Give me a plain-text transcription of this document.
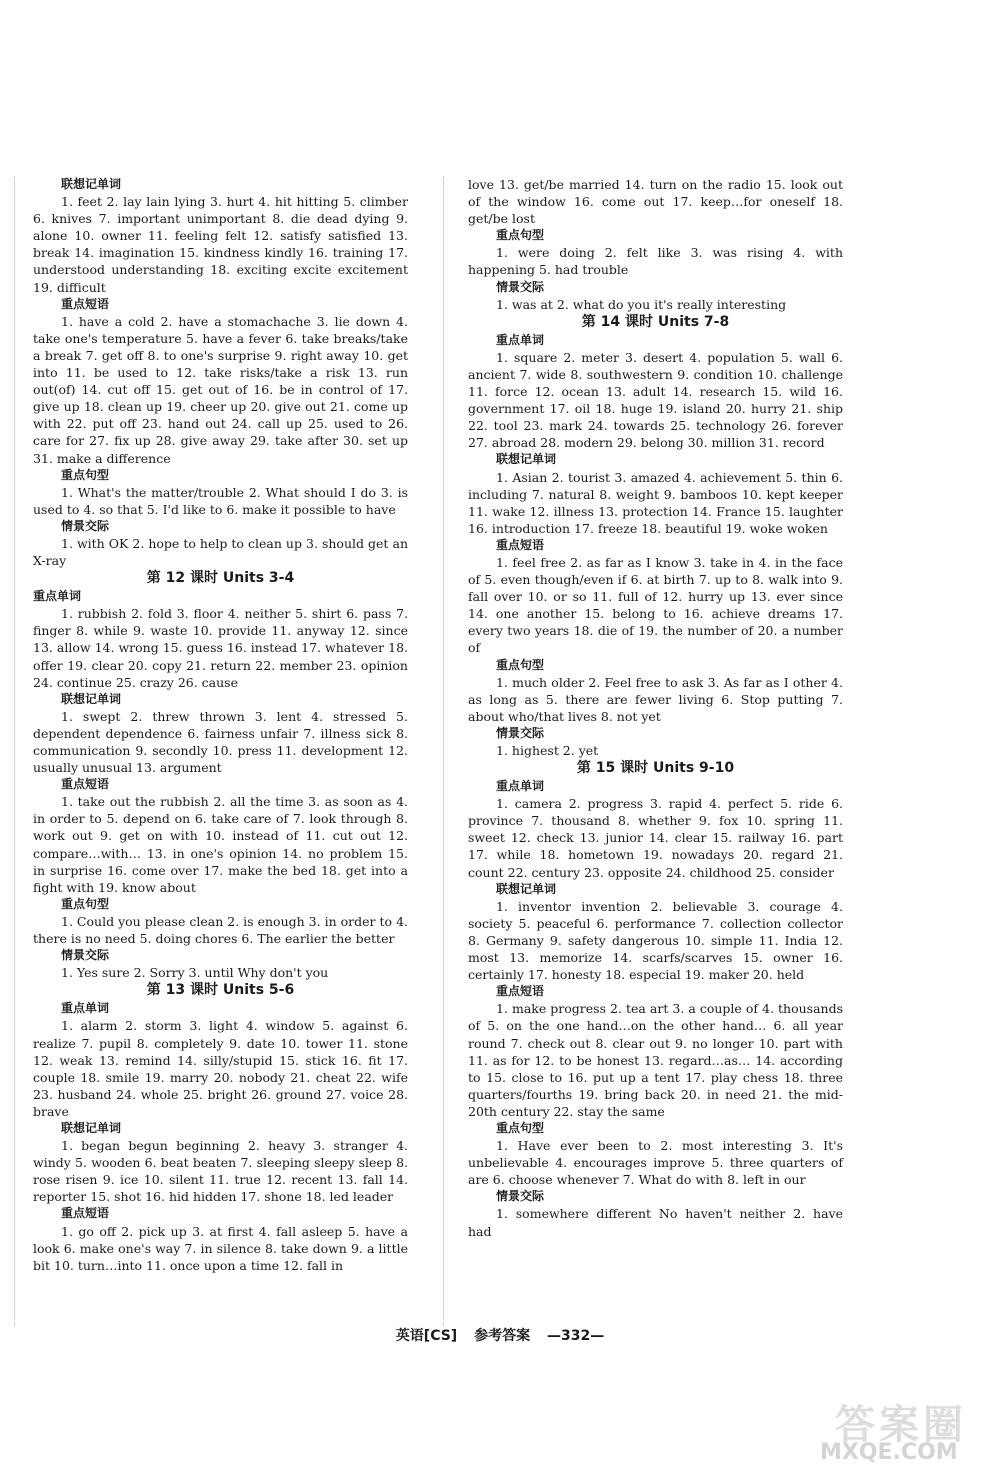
联想记单词
1. feet 2. lay lain lying 3. hurt 4. hit hitting 5. climber 6. knives 7. important unimportant 8. die dead dying 9. alone 10. owner 11. feeling felt 12. satisfy satisfied 13. break 14. imagination 15. kindness kindly 16. training 17. understood understanding 18. exciting excite excitement 19. difficult
重点短语
1. have a cold 2. have a stomachache 3. lie down 4. take one's temperature 5. have a fever 6. take breaks/take a break 7. get off 8. to one's surprise 9. right away 10. get into 11. be used to 12. take risks/take a risk 13. run out(of) 14. cut off 15. get out of 16. be in control of 17. give up 18. clean up 19. cheer up 20. give out 21. come up with 22. put off 23. hand out 24. call up 25. used to 26. care for 27. fix up 28. give away 29. take after 30. set up 31. make a difference
重点句型
1. What's the matter/trouble 2. What should I do 3. is used to 4. so that 5. I'd like to 6. make it possible to have
情景交际
1. with OK 2. hope to help to clean up 3. should get an X-ray
第 12 课时 Units 3-4
重点单词
1. rubbish 2. fold 3. floor 4. neither 5. shirt 6. pass 7. finger 8. while 9. waste 10. provide 11. anyway 12. since 13. allow 14. wrong 15. guess 16. instead 17. whatever 18. offer 19. clear 20. copy 21. return 22. member 23. opinion 24. continue 25. crazy 26. cause
联想记单词
1. swept 2. threw thrown 3. lent 4. stressed 5. dependent dependence 6. fairness unfair 7. illness sick 8. communication 9. secondly 10. press 11. development 12. usually unusual 13. argument
重点短语
1. take out the rubbish 2. all the time 3. as soon as 4. in order to 5. depend on 6. take care of 7. look through 8. work out 9. get on with 10. instead of 11. cut out 12. compare…with… 13. in one's opinion 14. no problem 15. in surprise 16. come over 17. make the bed 18. get into a fight with 19. know about
重点句型
1. Could you please clean 2. is enough 3. in order to 4. there is no need 5. doing chores 6. The earlier the better
情景交际
1. Yes sure 2. Sorry 3. until Why don't you
第 13 课时 Units 5-6
重点单词
1. alarm 2. storm 3. light 4. window 5. against 6. realize 7. pupil 8. completely 9. date 10. tower 11. stone 12. weak 13. remind 14. silly/stupid 15. stick 16. fit 17. couple 18. smile 19. marry 20. nobody 21. cheat 22. wife 23. husband 24. whole 25. bright 26. ground 27. voice 28. brave
联想记单词
1. began begun beginning 2. heavy 3. stranger 4. windy 5. wooden 6. beat beaten 7. sleeping sleepy sleep 8. rose risen 9. ice 10. silent 11. true 12. recent 13. fall 14. reporter 15. shot 16. hid hidden 17. shone 18. led leader
重点短语
1. go off 2. pick up 3. at first 4. fall asleep 5. have a look 6. make one's way 7. in silence 8. take down 9. a little bit 10. turn…into 11. once upon a time 12. fall in
love 13. get/be married 14. turn on the radio 15. look out of the window 16. come out 17. keep…for oneself 18. get/be lost
重点句型
1. were doing 2. felt like 3. was rising 4. with happening 5. had trouble
情景交际
1. was at 2. what do you it's really interesting
第 14 课时 Units 7-8
重点单词
1. square 2. meter 3. desert 4. population 5. wall 6. ancient 7. wide 8. southwestern 9. condition 10. challenge 11. force 12. ocean 13. adult 14. research 15. wild 16. government 17. oil 18. huge 19. island 20. hurry 21. ship 22. tool 23. mark 24. towards 25. technology 26. forever 27. abroad 28. modern 29. belong 30. million 31. record
联想记单词
1. Asian 2. tourist 3. amazed 4. achievement 5. thin 6. including 7. natural 8. weight 9. bamboos 10. kept keeper 11. wake 12. illness 13. protection 14. France 15. laughter 16. introduction 17. freeze 18. beautiful 19. woke woken
重点短语
1. feel free 2. as far as I know 3. take in 4. in the face of 5. even though/even if 6. at birth 7. up to 8. walk into 9. fall over 10. or so 11. full of 12. hurry up 13. ever since 14. one another 15. belong to 16. achieve dreams 17. every two years 18. die of 19. the number of 20. a number of
重点句型
1. much older 2. Feel free to ask 3. As far as I other 4. as long as 5. there are fewer living 6. Stop putting 7. about who/that lives 8. not yet
情景交际
1. highest 2. yet
第 15 课时 Units 9-10
重点单词
1. camera 2. progress 3. rapid 4. perfect 5. ride 6. province 7. thousand 8. whether 9. fox 10. spring 11. sweet 12. check 13. junior 14. clear 15. railway 16. part 17. while 18. hometown 19. nowadays 20. regard 21. count 22. century 23. opposite 24. childhood 25. consider
联想记单词
1. inventor invention 2. believable 3. courage 4. society 5. peaceful 6. performance 7. collection collector 8. Germany 9. safety dangerous 10. simple 11. India 12. most 13. memorize 14. scarfs/scarves 15. owner 16. certainly 17. honesty 18. especial 19. maker 20. held
重点短语
1. make progress 2. tea art 3. a couple of 4. thousands of 5. on the one hand…on the other hand… 6. all year round 7. check out 8. clear out 9. no longer 10. part with 11. as for 12. to be honest 13. regard…as… 14. according to 15. close to 16. put up a tent 17. play chess 18. three quarters/fourths 19. bring back 20. in need 21. the mid-20th century 22. stay the same
重点句型
1. Have ever been to 2. most interesting 3. It's unbelievable 4. encourages improve 5. three quarters of are 6. choose whenever 7. What do with 8. left in our
情景交际
1. somewhere different No haven't neither 2. have had
英语[CS] 参考答案 —332—
答案圈
MXQE.COM
